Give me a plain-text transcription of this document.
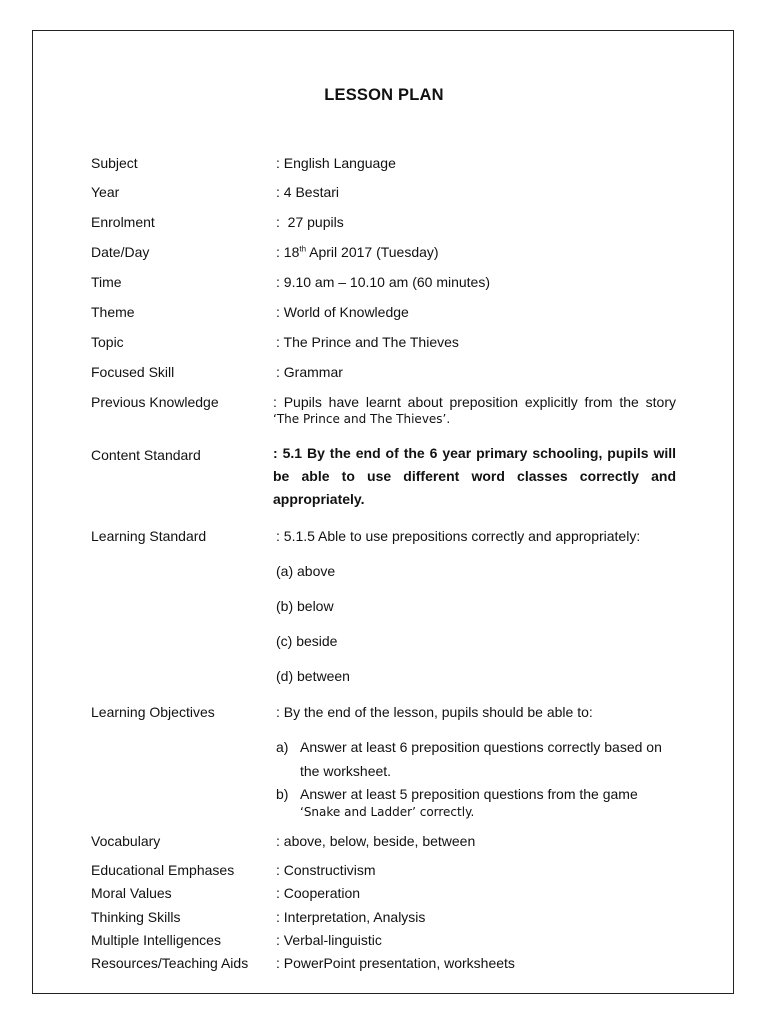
LESSON PLAN
Subject	: English Language
Year	: 4 Bestari
Enrolment	:  27 pupils
Date/Day	: 18th April 2017 (Tuesday)
Time	: 9.10 am – 10.10 am (60 minutes)
Theme	: World of Knowledge
Topic	: The Prince and The Thieves
Focused Skill	: Grammar
Previous Knowledge	: Pupils have learnt about preposition explicitly from the story
‘The Prince and The Thieves’.
Content Standard	: 5.1 By the end of the 6 year primary schooling, pupils will be able to use different word classes correctly and appropriately.
Learning Standard	: 5.1.5 Able to use prepositions correctly and appropriately:
(a) above
(b) below
(c) beside
(d) between
Learning Objectives	: By the end of the lesson, pupils should be able to:
a) Answer at least 6 preposition questions correctly based on
the worksheet.
b) Answer at least 5 preposition questions from the game
‘Snake and Ladder’ correctly.
Vocabulary	: above, below, beside, between
Educational Emphases	: Constructivism
Moral Values	: Cooperation
Thinking Skills	: Interpretation, Analysis
Multiple Intelligences	: Verbal-linguistic
Resources/Teaching Aids : PowerPoint presentation, worksheets
